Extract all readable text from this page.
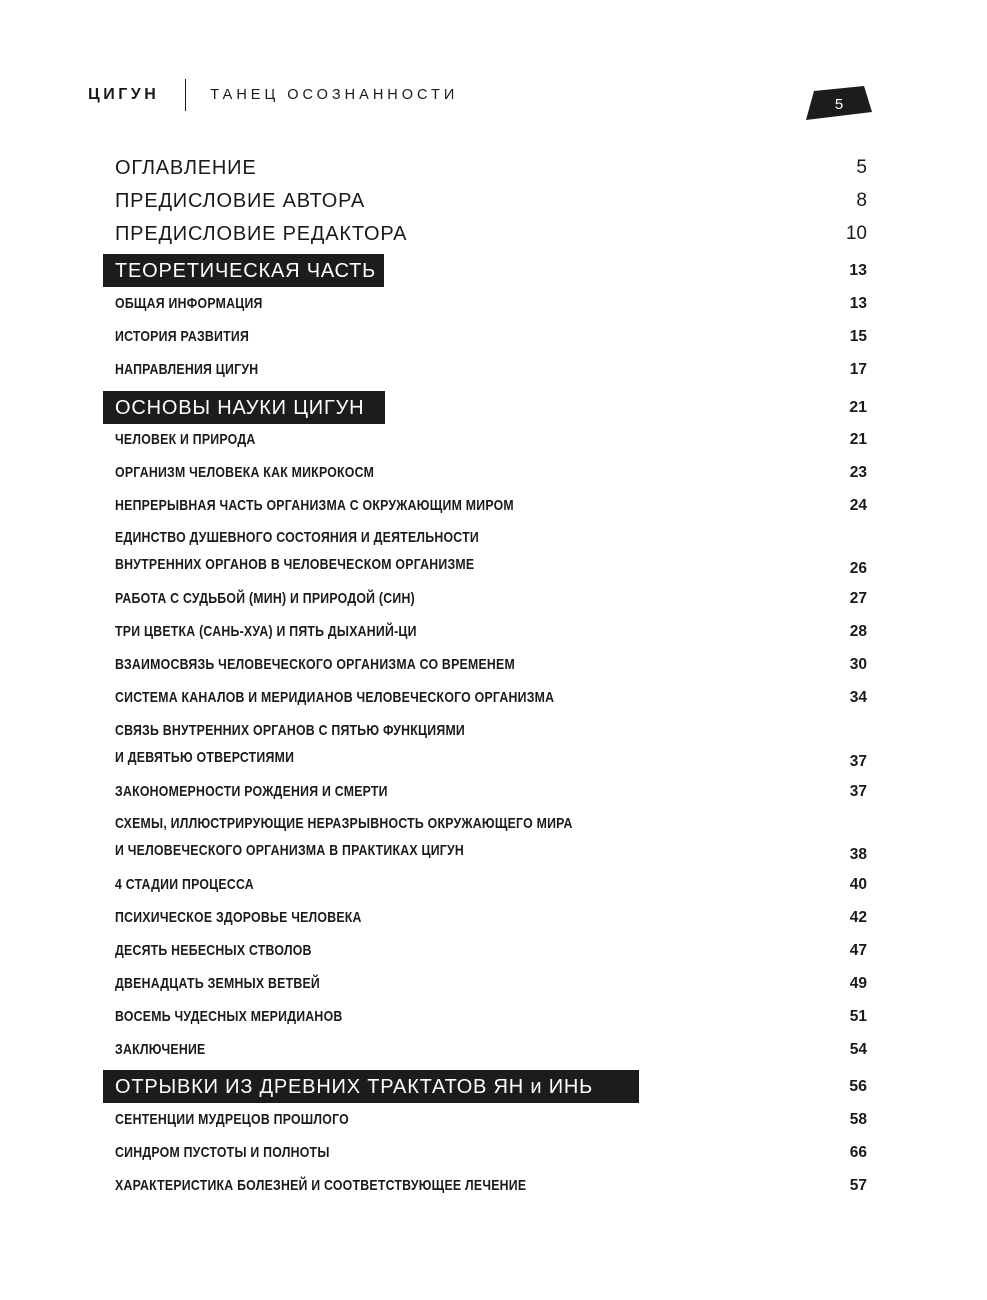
ЦИГУН	ТАНЕЦ ОСОЗНАННОСТИ
5
ОГЛАВЛЕНИЕ	5
ПРЕДИСЛОВИЕ АВТОРА	8
ПРЕДИСЛОВИЕ РЕДАКТОРА	10
ТЕОРЕТИЧЕСКАЯ ЧАСТЬ	13
ОБЩАЯ ИНФОРМАЦИЯ	13
ИСТОРИЯ РАЗВИТИЯ	15
НАПРАВЛЕНИЯ ЦИГУН	17
ОСНОВЫ НАУКИ ЦИГУН	21
ЧЕЛОВЕК И ПРИРОДА	21
ОРГАНИЗМ ЧЕЛОВЕКА КАК МИКРОКОСМ	23
НЕПРЕРЫВНАЯ ЧАСТЬ ОРГАНИЗМА С ОКРУЖАЮЩИМ МИРОМ	24
ЕДИНСТВО ДУШЕВНОГО СОСТОЯНИЯ И ДЕЯТЕЛЬНОСТИ
ВНУТРЕННИХ ОРГАНОВ В ЧЕЛОВЕЧЕСКОМ ОРГАНИЗМЕ	26
РАБОТА С СУДЬБОЙ (МИН) И ПРИРОДОЙ (СИН)	27
ТРИ ЦВЕТКА (САНЬ-ХУА) И ПЯТЬ ДЫХАНИЙ-ЦИ	28
ВЗАИМОСВЯЗЬ ЧЕЛОВЕЧЕСКОГО ОРГАНИЗМА СО ВРЕМЕНЕМ	30
СИСТЕМА КАНАЛОВ И МЕРИДИАНОВ ЧЕЛОВЕЧЕСКОГО ОРГАНИЗМА	34
СВЯЗЬ ВНУТРЕННИХ ОРГАНОВ С ПЯТЬЮ ФУНКЦИЯМИ
И ДЕВЯТЬЮ ОТВЕРСТИЯМИ	37
ЗАКОНОМЕРНОСТИ РОЖДЕНИЯ И СМЕРТИ	37
СХЕМЫ, ИЛЛЮСТРИРУЮЩИЕ НЕРАЗРЫВНОСТЬ ОКРУЖАЮЩЕГО МИРА
И ЧЕЛОВЕЧЕСКОГО ОРГАНИЗМА В ПРАКТИКАХ ЦИГУН	38
4 СТАДИИ ПРОЦЕССА	40
ПСИХИЧЕСКОЕ ЗДОРОВЬЕ ЧЕЛОВЕКА	42
ДЕСЯТЬ НЕБЕСНЫХ СТВОЛОВ	47
ДВЕНАДЦАТЬ ЗЕМНЫХ ВЕТВЕЙ	49
ВОСЕМЬ ЧУДЕСНЫХ МЕРИДИАНОВ	51
ЗАКЛЮЧЕНИЕ	54
ОТРЫВКИ ИЗ ДРЕВНИХ ТРАКТАТОВ ЯН и ИНЬ	56
СЕНТЕНЦИИ МУДРЕЦОВ ПРОШЛОГО	58
СИНДРОМ ПУСТОТЫ И ПОЛНОТЫ	66
ХАРАКТЕРИСТИКА БОЛЕЗНЕЙ И СООТВЕТСТВУЮЩЕЕ ЛЕЧЕНИЕ	57
